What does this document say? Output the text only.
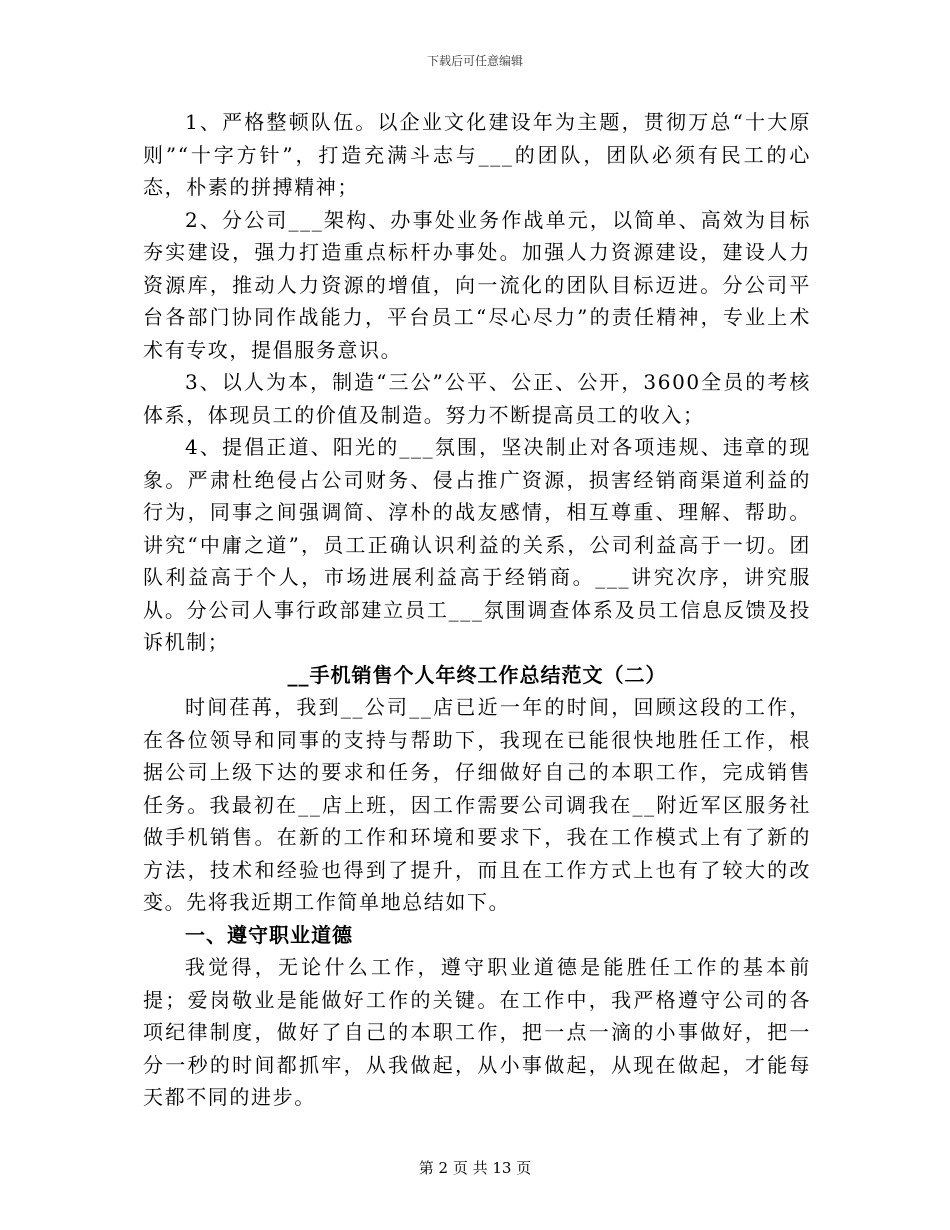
下载后可任意编辑

1、严格整顿队伍。以企业文化建设年为主题，贯彻万总“十大原则”“十字方针”，打造充满斗志与___的团队，团队必须有民工的心态，朴素的拼搏精神；

2、分公司___架构、办事处业务作战单元，以简单、高效为目标夯实建设，强力打造重点标杆办事处。加强人力资源建设，建设人力资源库，推动人力资源的增值，向一流化的团队目标迈进。分公司平台各部门协同作战能力，平台员工“尽心尽力”的责任精神，专业上术术有专攻，提倡服务意识。

3、以人为本，制造“三公”公平、公正、公开，3600全员的考核体系，体现员工的价值及制造。努力不断提高员工的收入；

4、提倡正道、阳光的___氛围，坚决制止对各项违规、违章的现象。严肃杜绝侵占公司财务、侵占推广资源，损害经销商渠道利益的行为，同事之间强调简、淳朴的战友感情，相互尊重、理解、帮助。讲究“中庸之道”，员工正确认识利益的关系，公司利益高于一切。团队利益高于个人，市场进展利益高于经销商。___讲究次序，讲究服从。分公司人事行政部建立员工___氛围调查体系及员工信息反馈及投诉机制；

__手机销售个人年终工作总结范文（二）

时间荏苒，我到__公司__店已近一年的时间，回顾这段的工作，在各位领导和同事的支持与帮助下，我现在已能很快地胜任工作，根据公司上级下达的要求和任务，仔细做好自己的本职工作，完成销售任务。我最初在__店上班，因工作需要公司调我在__附近军区服务社做手机销售。在新的工作和环境和要求下，我在工作模式上有了新的方法，技术和经验也得到了提升，而且在工作方式上也有了较大的改变。先将我近期工作简单地总结如下。

一、遵守职业道德

我觉得，无论什么工作，遵守职业道德是能胜任工作的基本前提；爱岗敬业是能做好工作的关键。在工作中，我严格遵守公司的各项纪律制度，做好了自己的本职工作，把一点一滴的小事做好，把一分一秒的时间都抓牢，从我做起，从小事做起，从现在做起，才能每天都不同的进步。

第 2 页 共 13 页
